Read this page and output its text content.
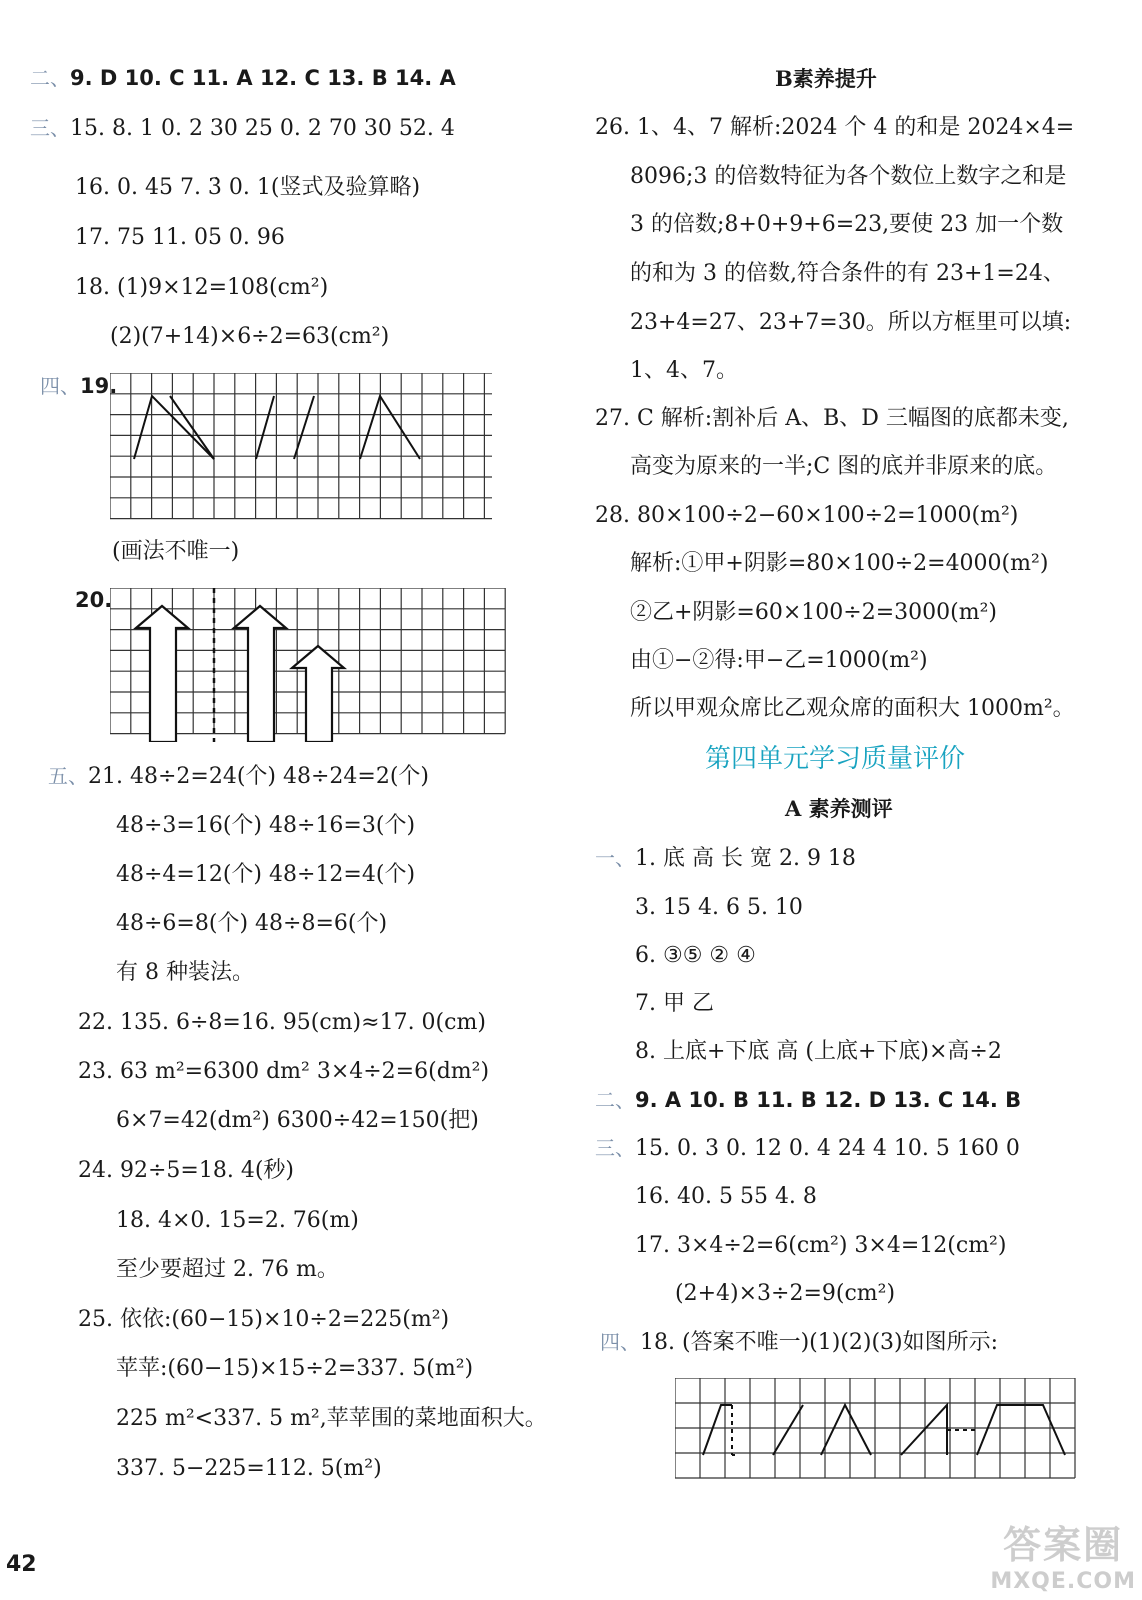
二、9. D 10. C 11. A 12. C 13. B 14. A
三、15. 8. 1 0. 2 30 25 0. 2 70 30 52. 4
16. 0. 45 7. 3̇ 0. 1(竖式及验算略)
17. 75 11. 05 0. 96
18. (1)9×12=108(cm²)
(2)(7+14)×6÷2=63(cm²)
四、19.
(画法不唯一)
20.
五、21. 48÷2=24(个) 48÷24=2(个)
48÷3=16(个) 48÷16=3(个)
48÷4=12(个) 48÷12=4(个)
48÷6=8(个) 48÷8=6(个)
有 8 种装法。
22. 135. 6÷8=16. 95(cm)≈17. 0(cm)
23. 63 m²=6300 dm² 3×4÷2=6(dm²)
6×7=42(dm²) 6300÷42=150(把)
24. 92÷5=18. 4(秒)
18. 4×0. 15=2. 76(m)
至少要超过 2. 76 m。
25. 依依:(60−15)×10÷2=225(m²)
苹苹:(60−15)×15÷2=337. 5(m²)
225 m²<337. 5 m²,苹苹围的菜地面积大。
337. 5−225=112. 5(m²)
B素养提升
26. 1、4、7 解析:2024 个 4 的和是 2024×4=
8096;3 的倍数特征为各个数位上数字之和是
3 的倍数;8+0+9+6=23,要使 23 加一个数
的和为 3 的倍数,符合条件的有 23+1=24、
23+4=27、23+7=30。所以方框里可以填:
1、4、7。
27. C 解析:割补后 A、B、D 三幅图的底都未变,
高变为原来的一半;C 图的底并非原来的底。
28. 80×100÷2−60×100÷2=1000(m²)
解析:①甲+阴影=80×100÷2=4000(m²)
②乙+阴影=60×100÷2=3000(m²)
由①−②得:甲−乙=1000(m²)
所以甲观众席比乙观众席的面积大 1000m²。
第四单元学习质量评价
A 素养测评
一、1. 底 高 长 宽 2. 9 18
3. 15 4. 6 5. 10
6. ③⑤ ② ④
7. 甲 乙
8. 上底+下底 高 (上底+下底)×高÷2
二、9. A 10. B 11. B 12. D 13. C 14. B
三、15. 0. 3 0. 12 0. 4 24 4 10. 5 160 0
16. 40. 5 55 4. 8
17. 3×4÷2=6(cm²) 3×4=12(cm²)
(2+4)×3÷2=9(cm²)
四、18. (答案不唯一)(1)(2)(3)如图所示:
42	答案圈
MXQE.COM
